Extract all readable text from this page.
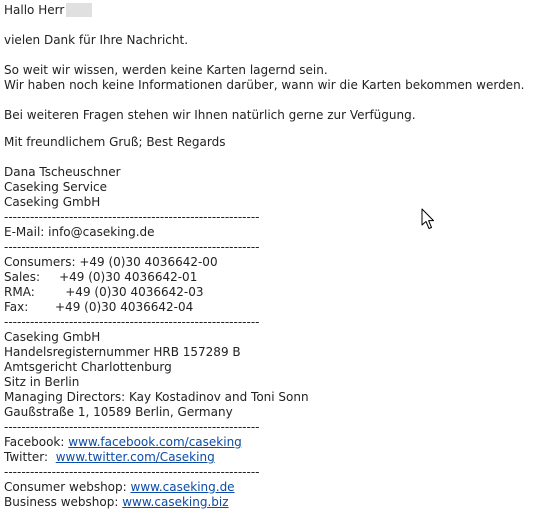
Hallo Herr
vielen Dank für Ihre Nachricht.
So weit wir wissen, werden keine Karten lagernd sein.
Wir haben noch keine Informationen darüber, wann wir die Karten bekommen werden.
Bei weiteren Fragen stehen wir Ihnen natürlich gerne zur Verfügung.
Mit freundlichem Gruß; Best Regards
Dana Tscheuschner
Caseking Service
Caseking GmbH
-----------------------------------------------------------
E-Mail: info@caseking.de
-----------------------------------------------------------
Consumers: +49 (0)30 4036642-00
Sales:     +49 (0)30 4036642-01
RMA:        +49 (0)30 4036642-03
Fax:       +49 (0)30 4036642-04
-----------------------------------------------------------
Caseking GmbH
Handelsregisternummer HRB 157289 B
Amtsgericht Charlottenburg
Sitz in Berlin
Managing Directors: Kay Kostadinov and Toni Sonn
Gaußstraße 1, 10589 Berlin, Germany
-----------------------------------------------------------
Facebook: www.facebook.com/caseking
Twitter:  www.twitter.com/Caseking
-----------------------------------------------------------
Consumer webshop: www.caseking.de
Business webshop: www.caseking.biz
